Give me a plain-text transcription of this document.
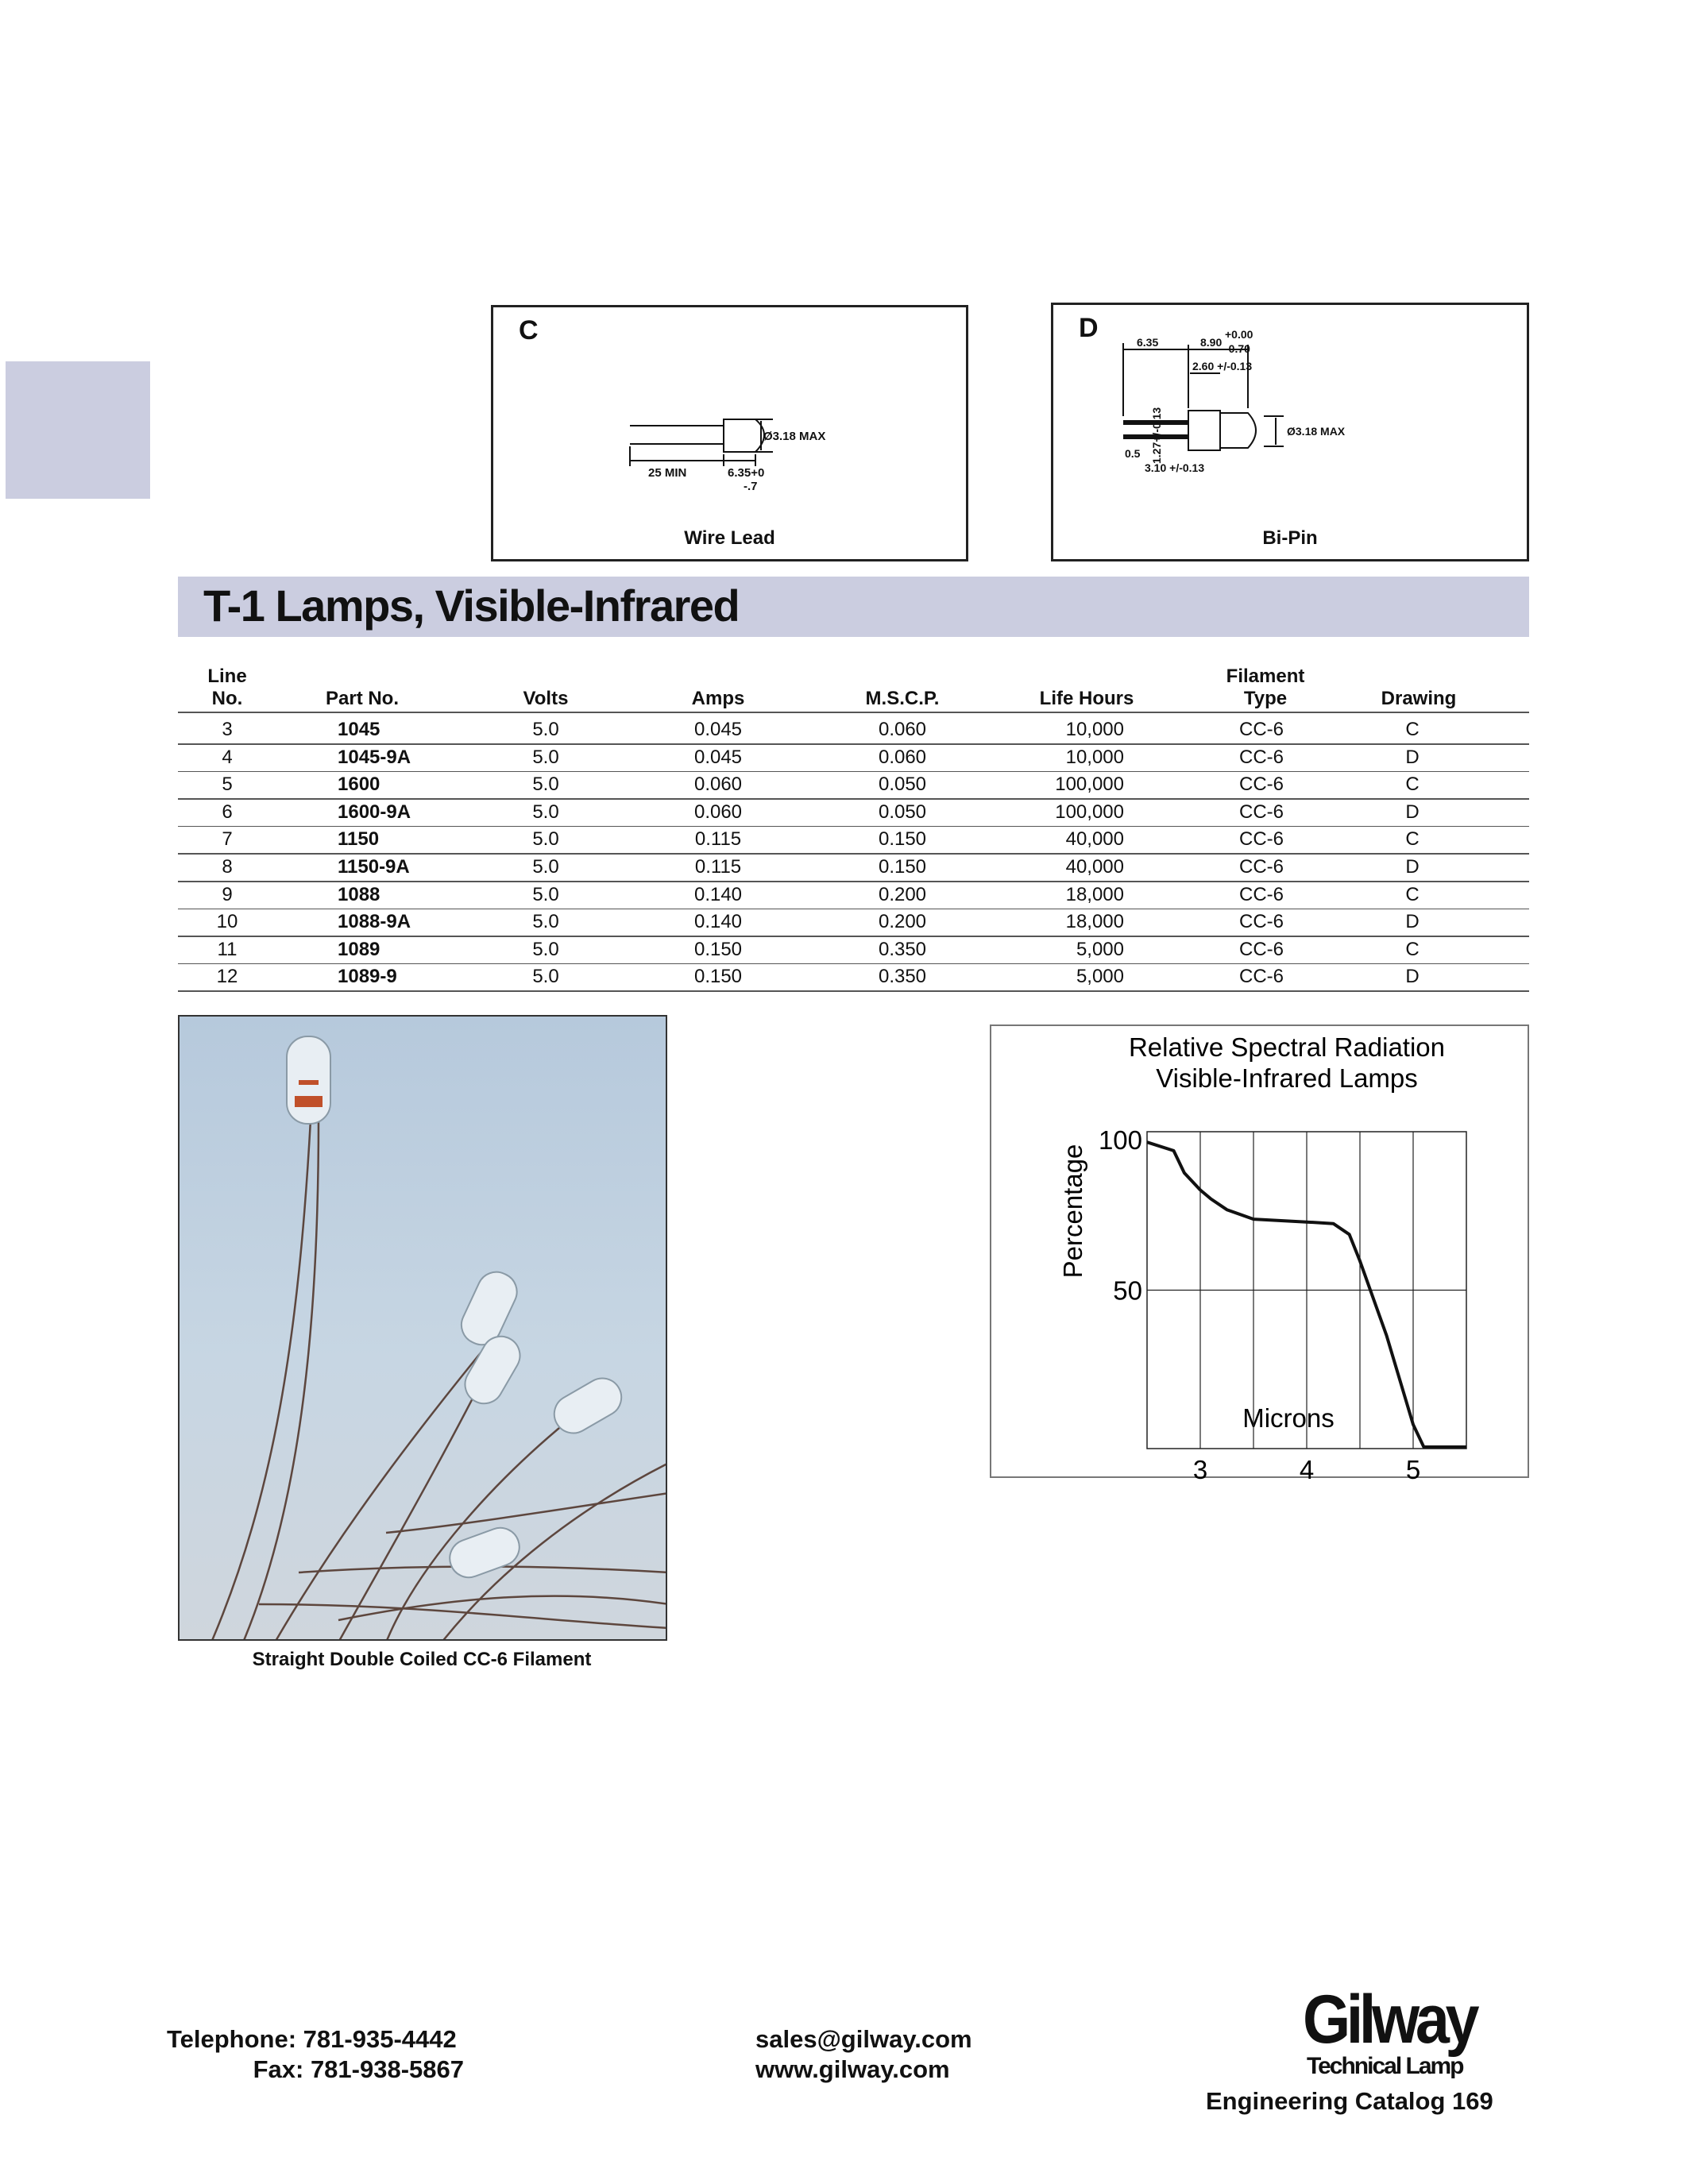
C
Ø3.18 MAX
25 MIN	6.35+0
-.7
Wire Lead
D	6.35	8.90
+0.00
-0.70
2.60 +/-0.13
Ø3.18 MAX
0.5
3.10 +/-0.13
1.27+/-0.13
Bi-Pin
T-1 Lamps, Visible-Infrared
Line
No.	Part No.	Volts	Amps	M.S.C.P.	Life Hours
Filament
Type	Drawing
3	1045	5.0	0.045	0.060	10,000	CC-6	C
4	1045-9A	5.0	0.045	0.060	10,000	CC-6	D
5	1600	5.0	0.060	0.050	100,000	CC-6	C
6	1600-9A	5.0	0.060	0.050	100,000	CC-6	D
7	1150	5.0	0.115	0.150	40,000	CC-6	C
8	1150-9A	5.0	0.115	0.150	40,000	CC-6	D
9	1088	5.0	0.140	0.200	18,000	CC-6	C
10	1088-9A	5.0	0.140	0.200	18,000	CC-6	D
11	1089	5.0	0.150	0.350	5,000	CC-6	C
12	1089-9	5.0	0.150	0.350	5,000	CC-6	D
Straight Double Coiled CC-6 Filament
Relative Spectral Radiation
Visible-Infrared Lamps
Microns
Percentage
3	4	5
50
100
Telephone: 781-935-4442
Fax: 781-938-5867
sales@gilway.com
www.gilway.com
Gilway
Technical Lamp
Engineering Catalog 169
